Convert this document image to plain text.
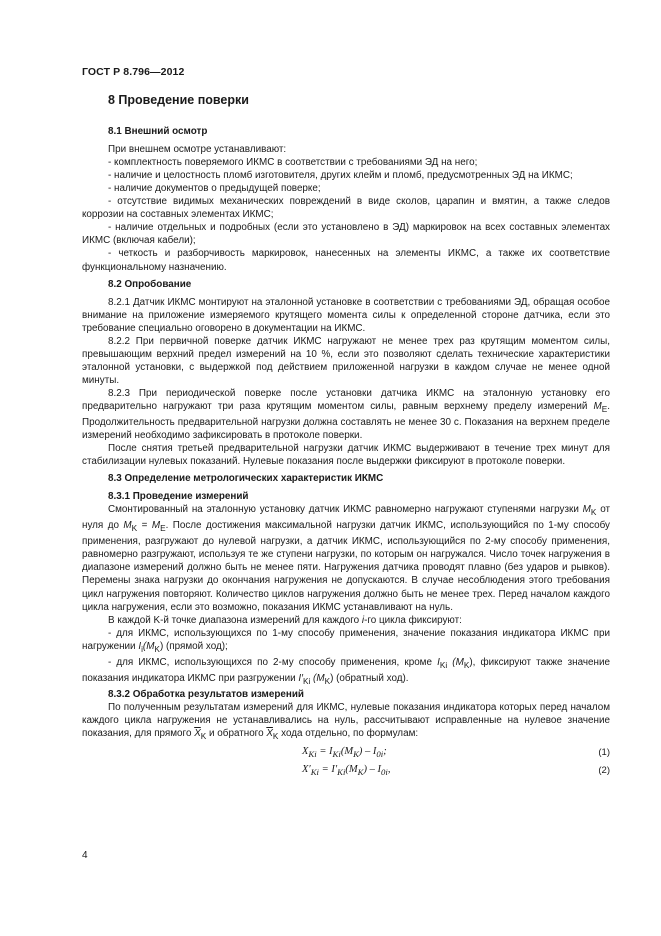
ГОСТ Р 8.796—2012
8 Проведение поверки
8.1 Внешний осмотр

При внешнем осмотре устанавливают:

- комплектность поверяемого ИКМС в соответствии с требованиями ЭД на него;

- наличие и целостность пломб изготовителя, других клейм и пломб, предусмотренных ЭД на ИКМС;

- наличие документов о предыдущей поверке;

- отсутствие видимых механических повреждений в виде сколов, царапин и вмятин, а также следов коррозии на составных элементах ИКМС;

- наличие отдельных и подробных (если это установлено в ЭД) маркировок на всех составных элементах ИКМС (включая кабели);

- четкость и разборчивость маркировок, нанесенных на элементы ИКМС, а также их соответствие функциональному назначению.

8.2 Опробование

8.2.1 Датчик ИКМС монтируют на эталонной установке в соответствии с требованиями ЭД, обращая особое внимание на приложение измеряемого крутящего момента силы к определенной стороне датчика, если это требование специально оговорено в документации на ИКМС.

8.2.2 При первичной поверке датчик ИКМС нагружают не менее трех раз крутящим моментом силы, превышающим верхний предел измерений на 10 %, если это позволяют сделать технические характеристики эталонной установки, с выдержкой под действием приложенной нагрузки в каждом случае не менее одной минуты.

8.2.3 При периодической поверке после установки датчика ИКМС на эталонную установку его предварительно нагружают три раза крутящим моментом силы, равным верхнему пределу измерений $M_E$. Продолжительность предварительной нагрузки должна составлять не менее 30 с. Показания на верхнем пределе измерений необходимо зафиксировать в протоколе поверки.

После снятия третьей предварительной нагрузки датчик ИКМС выдерживают в течение трех минут для стабилизации нулевых показаний. Нулевые показания после выдержки фиксируют в протоколе поверки.

8.3 Определение метрологических характеристик ИКМС
8.3.1 Проведение измерений

Смонтированный на эталонную установку датчик ИКМС равномерно нагружают ступенями нагрузки $M_K$ от нуля до $M_K = M_E$. После достижения максимальной нагрузки датчик ИКМС, использующийся по 1-му способу применения, разгружают до нулевой нагрузки, а датчик ИКМС, использующийся по 2-му способу применения, равномерно разгружают, используя те же ступени нагрузки, по которым он нагружался. Число точек нагружения в диапазоне измерений должно быть не менее пяти. Нагружения датчика проводят плавно (без ударов и рывков). Перемены знака нагрузки до окончания нагружения не допускаются. В случае несоблюдения этого требования цикл нагружения повторяют. Количество циклов нагружения должно быть не менее трех. Перед началом каждого цикла нагружения, если это возможно, показания ИКМС устанавливают на нуль.

В каждой K-й точке диапазона измерений для каждого i-го цикла фиксируют:

- для ИКМС, использующихся по 1-му способу применения, значение показания индикатора ИКМС при нагружении $I_i(M_K)$ (прямой ход);

- для ИКМС, использующихся по 2-му способу применения, кроме $I_{Ki}$ $(M_K)$, фиксируют также значение показания индикатора ИКМС при разгружении $I'_{Ki}$ $(M_K)$ (обратный ход).

8.3.2 Обработка результатов измерений

По полученным результатам измерений для ИКМС, нулевые показания индикатора которых перед началом каждого цикла нагружения не устанавливались на нуль, рассчитывают исправленные на нулевое значение показания, для прямого $\overline{X}_K$ и обратного $\overline{X}_K$ хода отдельно, по формулам:

$X_{Ki} = I_{Ki}(M_K) - I_{0i}$;	(1)
$X'_{Ki} = I'_{Ki}(M_K) - I_{0i}$,	(2)
4
